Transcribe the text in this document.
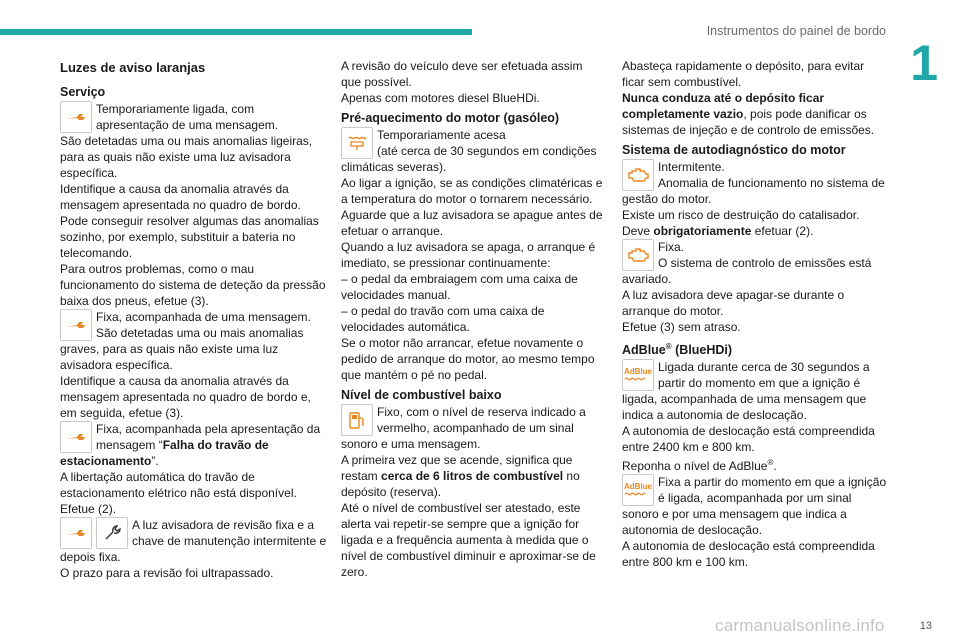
Instrumentos do painel de bordo
1
Luzes de aviso laranjas
Serviço

Temporariamente ligada, com apresentação de uma mensagem.

São detetadas uma ou mais anomalias ligeiras, para as quais não existe uma luz avisadora específica.

Identifique a causa da anomalia através da mensagem apresentada no quadro de bordo.

Pode conseguir resolver algumas das anomalias sozinho, por exemplo, substituir a bateria no telecomando.

Para outros problemas, como o mau funcionamento do sistema de deteção da pressão baixa dos pneus, efetue (3).

Fixa, acompanhada de uma mensagem.

São detetadas uma ou mais anomalias graves, para as quais não existe uma luz avisadora específica.

Identifique a causa da anomalia através da mensagem apresentada no quadro de bordo e, em seguida, efetue (3).

Fixa, acompanhada pela apresentação da mensagem “Falha do travão de estacionamento”.

A libertação automática do travão de estacionamento elétrico não está disponível.

Efetue (2).

A luz avisadora de revisão fixa e a chave de manutenção intermitente e depois fixa.

O prazo para a revisão foi ultrapassado.

A revisão do veículo deve ser efetuada assim que possível.

Apenas com motores diesel BlueHDi.

Pré-aquecimento do motor (gasóleo)

Temporariamente acesa

(até cerca de 30 segundos em condições climáticas severas).

Ao ligar a ignição, se as condições climatéricas e a temperatura do motor o tornarem necessário. Aguarde que a luz avisadora se apague antes de efetuar o arranque.

Quando a luz avisadora se apaga, o arranque é imediato, se pressionar continuamente:

– o pedal da embraiagem com uma caixa de velocidades manual.

– o pedal do travão com uma caixa de velocidades automática.

Se o motor não arrancar, efetue novamente o pedido de arranque do motor, ao mesmo tempo que mantém o pé no pedal.

Nível de combustível baixo

Fixo, com o nível de reserva indicado a vermelho, acompanhado de um sinal sonoro e uma mensagem.

A primeira vez que se acende, significa que restam cerca de 6 litros de combustível no depósito (reserva).

Até o nível de combustível ser atestado, este alerta vai repetir-se sempre que a ignição for ligada e a frequência aumenta à medida que o nível de combustível diminuir e aproximar-se de zero.

Abasteça rapidamente o depósito, para evitar ficar sem combustível.

Nunca conduza até o depósito ficar completamente vazio, pois pode danificar os sistemas de injeção e de controlo de emissões.

Sistema de autodiagnóstico do motor

Intermitente.

Anomalia de funcionamento no sistema de gestão do motor.

Existe um risco de destruição do catalisador.

Deve obrigatoriamente efetuar (2).

Fixa.

O sistema de controlo de emissões está avariado.

A luz avisadora deve apagar-se durante o arranque do motor.

Efetue (3) sem atraso.

AdBlue® (BlueHDi)
AdBlue Ligada durante cerca de 30 segundos a partir do momento em que a ignição é ligada, acompanhada de uma mensagem que indica a autonomia de deslocação.

A autonomia de deslocação está compreendida entre 2400 km e 800 km.

Reponha o nível de AdBlue®.

AdBlue Fixa a partir do momento em que a ignição é ligada, acompanhada por um sinal sonoro e por uma mensagem que indica a autonomia de deslocação.

A autonomia de deslocação está compreendida entre 800 km e 100 km.

13
carmanualsonline.info
